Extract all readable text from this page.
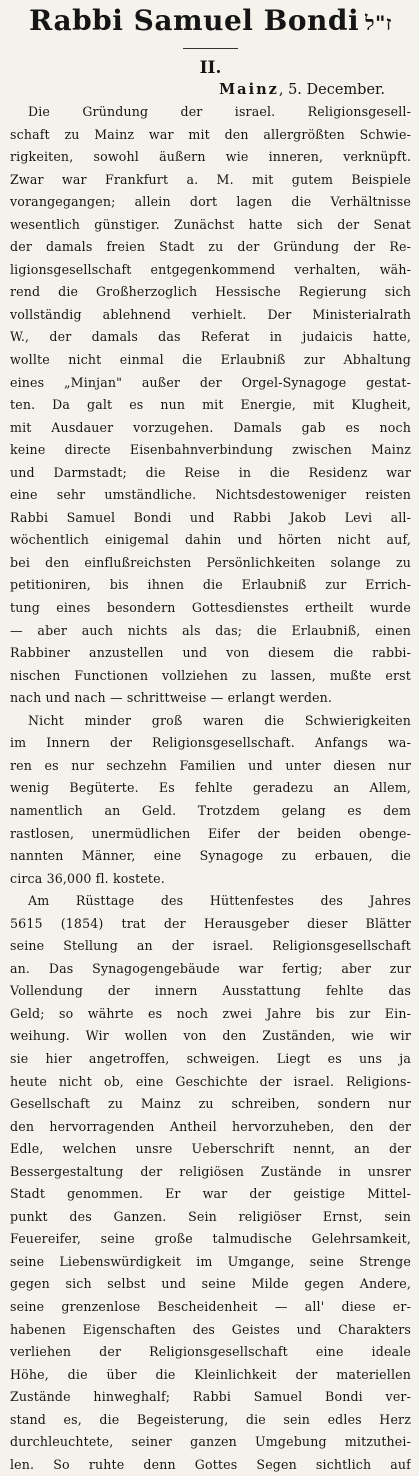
Rabbi Samuel Bondi ז"ל
II.
Mainz, 5. December.
Die Gründung der israel. Religionsgesell-
schaft zu Mainz war mit den allergrößten Schwie-
rigkeiten, sowohl äußern wie inneren, verknüpft.
Zwar war Frankfurt a. M. mit gutem Beispiele
vorangegangen; allein dort lagen die Verhältnisse
wesentlich günstiger. Zunächst hatte sich der Senat
der damals freien Stadt zu der Gründung der Re-
ligionsgesellschaft entgegenkommend verhalten, wäh-
rend die Großherzoglich Hessische Regierung sich
vollständig ablehnend verhielt. Der Ministerialrath
W., der damals das Referat in judaicis hatte,
wollte nicht einmal die Erlaubniß zur Abhaltung
eines „Minjan" außer der Orgel-Synagoge gestat-
ten. Da galt es nun mit Energie, mit Klugheit,
mit Ausdauer vorzugehen. Damals gab es noch
keine directe Eisenbahnverbindung zwischen Mainz
und Darmstadt; die Reise in die Residenz war
eine sehr umständliche. Nichtsdestoweniger reisten
Rabbi Samuel Bondi und Rabbi Jakob Levi all-
wöchentlich einigemal dahin und hörten nicht auf,
bei den einflußreichsten Persönlichkeiten solange zu
petitioniren, bis ihnen die Erlaubniß zur Errich-
tung eines besondern Gottesdienstes ertheilt wurde
— aber auch nichts als das; die Erlaubniß, einen
Rabbiner anzustellen und von diesem die rabbi-
nischen Functionen vollziehen zu lassen, mußte erst
nach und nach — schrittweise — erlangt werden.
Nicht minder groß waren die Schwierigkeiten
im Innern der Religionsgesellschaft. Anfangs wa-
ren es nur sechzehn Familien und unter diesen nur
wenig Begüterte. Es fehlte geradezu an Allem,
namentlich an Geld. Trotzdem gelang es dem
rastlosen, unermüdlichen Eifer der beiden obenge-
nannten Männer, eine Synagoge zu erbauen, die
circa 36,000 fl. kostete.
Am Rüsttage des Hüttenfestes des Jahres
5615 (1854) trat der Herausgeber dieser Blätter
seine Stellung an der israel. Religionsgesellschaft
an. Das Synagogengebäude war fertig; aber zur
Vollendung der innern Ausstattung fehlte das
Geld; so währte es noch zwei Jahre bis zur Ein-
weihung. Wir wollen von den Zuständen, wie wir
sie hier angetroffen, schweigen. Liegt es uns ja
heute nicht ob, eine Geschichte der israel. Religions-
Gesellschaft zu Mainz zu schreiben, sondern nur
den hervorragenden Antheil hervorzuheben, den der
Edle, welchen unsre Ueberschrift nennt, an der
Bessergestaltung der religiösen Zustände in unsrer
Stadt genommen. Er war der geistige Mittel-
punkt des Ganzen. Sein religiöser Ernst, sein
Feuereifer, seine große talmudische Gelehrsamkeit,
seine Liebenswürdigkeit im Umgange, seine Strenge
gegen sich selbst und seine Milde gegen Andere,
seine grenzenlose Bescheidenheit — all' diese er-
habenen Eigenschaften des Geistes und Charakters
verliehen der Religionsgesellschaft eine ideale
Höhe, die über die Kleinlichkeit der materiellen
Zustände hinweghalf; Rabbi Samuel Bondi ver-
stand es, die Begeisterung, die sein edles Herz
durchleuchtete, seiner ganzen Umgebung mitzuthei-
len. So ruhte denn Gottes Segen sichtlich auf
